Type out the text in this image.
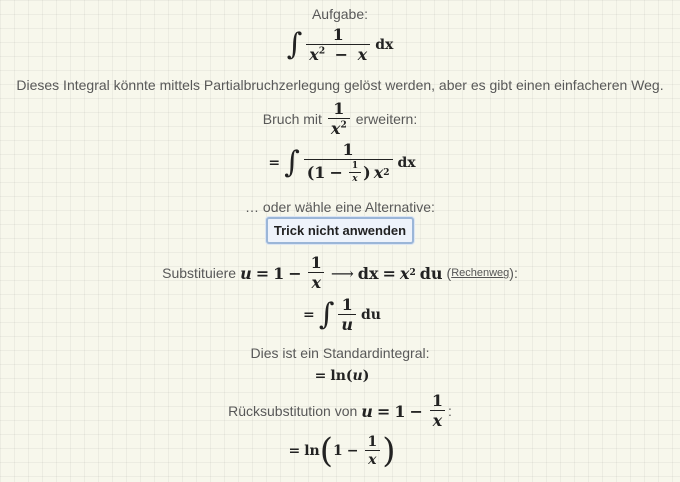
Aufgabe:
∫ $\frac{1}{x^2 - x}$ dx
Dieses Integral könnte mittels Partialbruchzerlegung gelöst werden, aber es gibt einen einfacheren Weg.
Bruch mit $\frac{1}{x^2}$ erweitern:
= ∫	1
( $1 - \frac{1}{x}$ ) x 2
dx
… oder wähle eine Alternative:
Trick nicht anwenden
Substituiere $u = 1 - \frac{1}{x}$ ⟶ dx = x 2 du ( Rechenweg ):
= ∫ $\frac{1}{u}$ du
Dies ist ein Standardintegral:
= ln ( u )
Rücksubstitution von $u = 1 - \frac{1}{x}$ :
= ln ( $1 - \frac{1}{x}$ )
